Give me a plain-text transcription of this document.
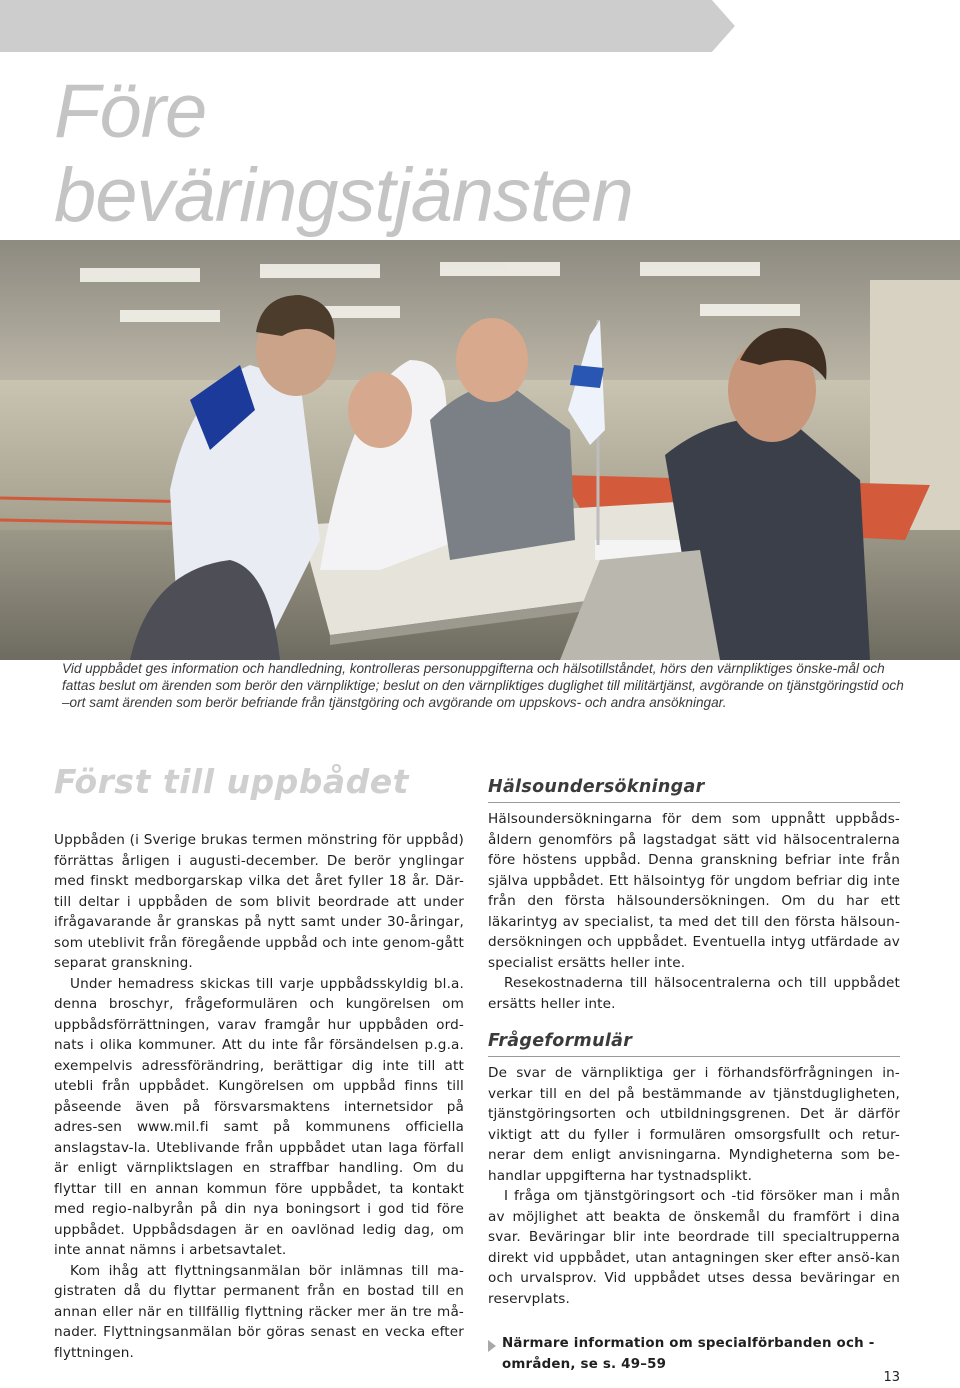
Före
beväringstjänsten

Vid uppbådet ges information och handledning, kontrolleras personuppgifterna och hälsotillståndet, hörs den värnpliktiges önske-mål och fattas beslut om ärenden som berör den värnpliktige; beslut on den värnpliktiges duglighet till militärtjänst, avgörande on tjänstgöringstid och –ort samt ärenden som berör befriande från tjänstgöring och avgörande om uppskovs- och andra ansökningar.

Först till uppbådet

Uppbåden (i Sverige brukas termen mönstring för uppbåd) förrättas årligen i augusti-december. De berör ynglingar med finskt medborgarskap vilka det året fyller 18 år. Där-till deltar i uppbåden de som blivit beordrade att under ifrågavarande år granskas på nytt samt under 30-åringar, som uteblivit från föregående uppbåd och inte genom-gått separat granskning.

Under hemadress skickas till varje uppbådsskyldig bl.a. denna broschyr, frågeformulären och kungörelsen om uppbådsförrättningen, varav framgår hur uppbåden ord-nats i olika kommuner. Att du inte får försändelsen p.g.a. exempelvis adressförändring, berättigar dig inte till att utebli från uppbådet. Kungörelsen om uppbåd finns till påseende även på försvarsmaktens internetsidor på adres-sen www.mil.fi samt på kommunens officiella anslagstav-la. Uteblivande från uppbådet utan laga förfall är enligt värnpliktslagen en straffbar handling. Om du flyttar till en annan kommun före uppbådet, ta kontakt med regio-nalbyrån på din nya boningsort i god tid före uppbådet. Uppbådsdagen är en oavlönad ledig dag, om inte annat nämns i arbetsavtalet.

Kom ihåg att flyttningsanmälan bör inlämnas till ma-gistraten då du flyttar permanent från en bostad till en annan eller när en tillfällig flyttning räcker mer än tre må-nader. Flyttningsanmälan bör göras senast en vecka efter flyttningen.

Hälsoundersökningar

Hälsoundersökningarna för dem som uppnått uppbåds-åldern genomförs på lagstadgat sätt vid hälsocentralerna före höstens uppbåd. Denna granskning befriar inte från själva uppbådet. Ett hälsointyg för ungdom befriar dig inte från den första hälsoundersökningen. Om du har ett läkarintyg av specialist, ta med det till den första hälsoun-dersökningen och uppbådet. Eventuella intyg utfärdade av specialist ersätts heller inte.

Resekostnaderna till hälsocentralerna och till uppbådet ersätts heller inte.

Frågeformulär

De svar de värnpliktiga ger i förhandsförfrågningen in-verkar till en del på bestämmande av tjänstdugligheten, tjänstgöringsorten och utbildningsgrenen. Det är därför viktigt att du fyller i formulären omsorgsfullt och retur-nerar dem enligt anvisningarna. Myndigheterna som be-handlar uppgifterna har tystnadsplikt.

I fråga om tjänstgöringsort och -tid försöker man i mån av möjlighet att beakta de önskemål du framfört i dina svar. Beväringar blir inte beordrade till specialtrupperna direkt vid uppbådet, utan antagningen sker efter ansö-kan och urvalsprov. Vid uppbådet utses dessa beväringar en reservplats.

Närmare information om specialförbanden och -områden, se s. 49–59

13
